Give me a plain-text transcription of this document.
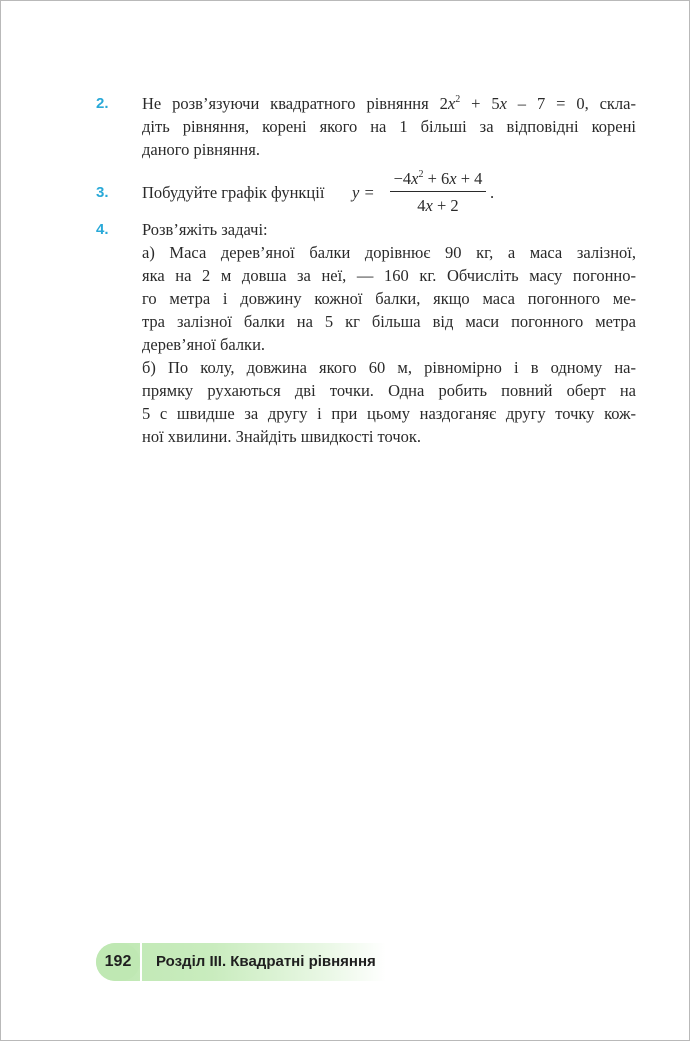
2.	Не розв’язуючи квадратного рівняння $2x^2 + 5x - 7 = 0$, скла-
діть рівняння, корені якого на 1 більші за відповідні корені
даного рівняння.
3.	Побудуйте графік функції y =
$-4x^2 + 6x + 4$
4x + 2
.
4.	Розв’яжіть задачі:
а) Маса дерев’яної балки дорівнює 90 кг, а маса залізної,
яка на 2 м довша за неї, — 160 кг. Обчисліть масу погонно-
го метра і довжину кожної балки, якщо маса погонного ме-
тра залізної балки на 5 кг більша від маси погонного метра
дерев’яної балки.
б) По колу, довжина якого 60 м, рівномірно і в одному на-
прямку рухаються дві точки. Одна робить повний оберт на
5 с швидше за другу і при цьому наздоганяє другу точку кож-
ної хвилини. Знайдіть швидкості точок.
192	Розділ ІІІ. Квадратні рівняння
